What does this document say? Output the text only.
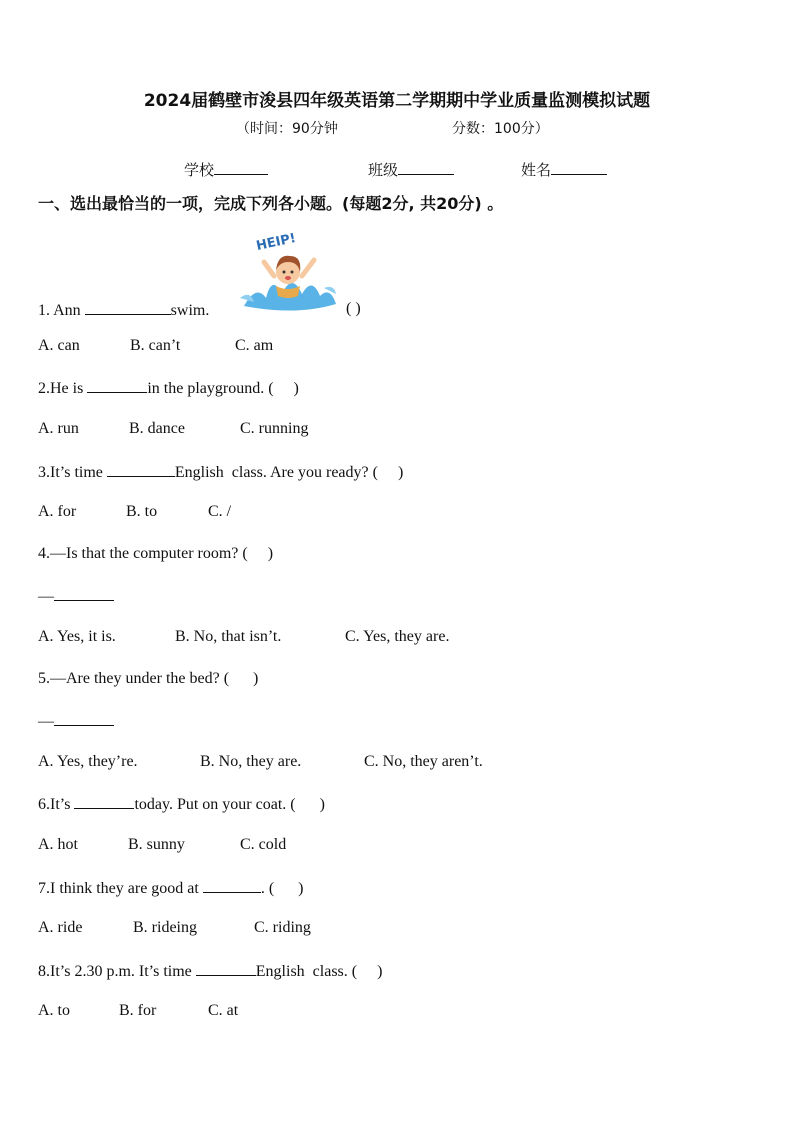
2024届鹤壁市浚县四年级英语第二学期期中学业质量监测模拟试题
（时间：90分钟	分数：100分）
学校	班级	姓名
一、选出最恰当的一项，完成下列各小题。(每题2分, 共20分) 。
HEIP!
1. Ann	swim.	( )
A. can	B. can’t	C. am
2.He is	in the playground. (     )
A. run	B. dance	C. running
3.It’s time	English  class. Are you ready? (     )
A. for	B. to	C. /
4.—Is that the computer room? (     )
—
A. Yes, it is.	B. No, that isn’t.	C. Yes, they are.
5.—Are they under the bed? (      )
—
A. Yes, they’re.	B. No, they are.	C. No, they aren’t.
6.It’s	today. Put on your coat. (      )
A. hot	B. sunny	C. cold
7.I think they are good at	. (      )
A. ride	B. rideing	C. riding
8.It’s 2.30 p.m. It’s time	English  class. (     )
A. to	B. for	C. at
